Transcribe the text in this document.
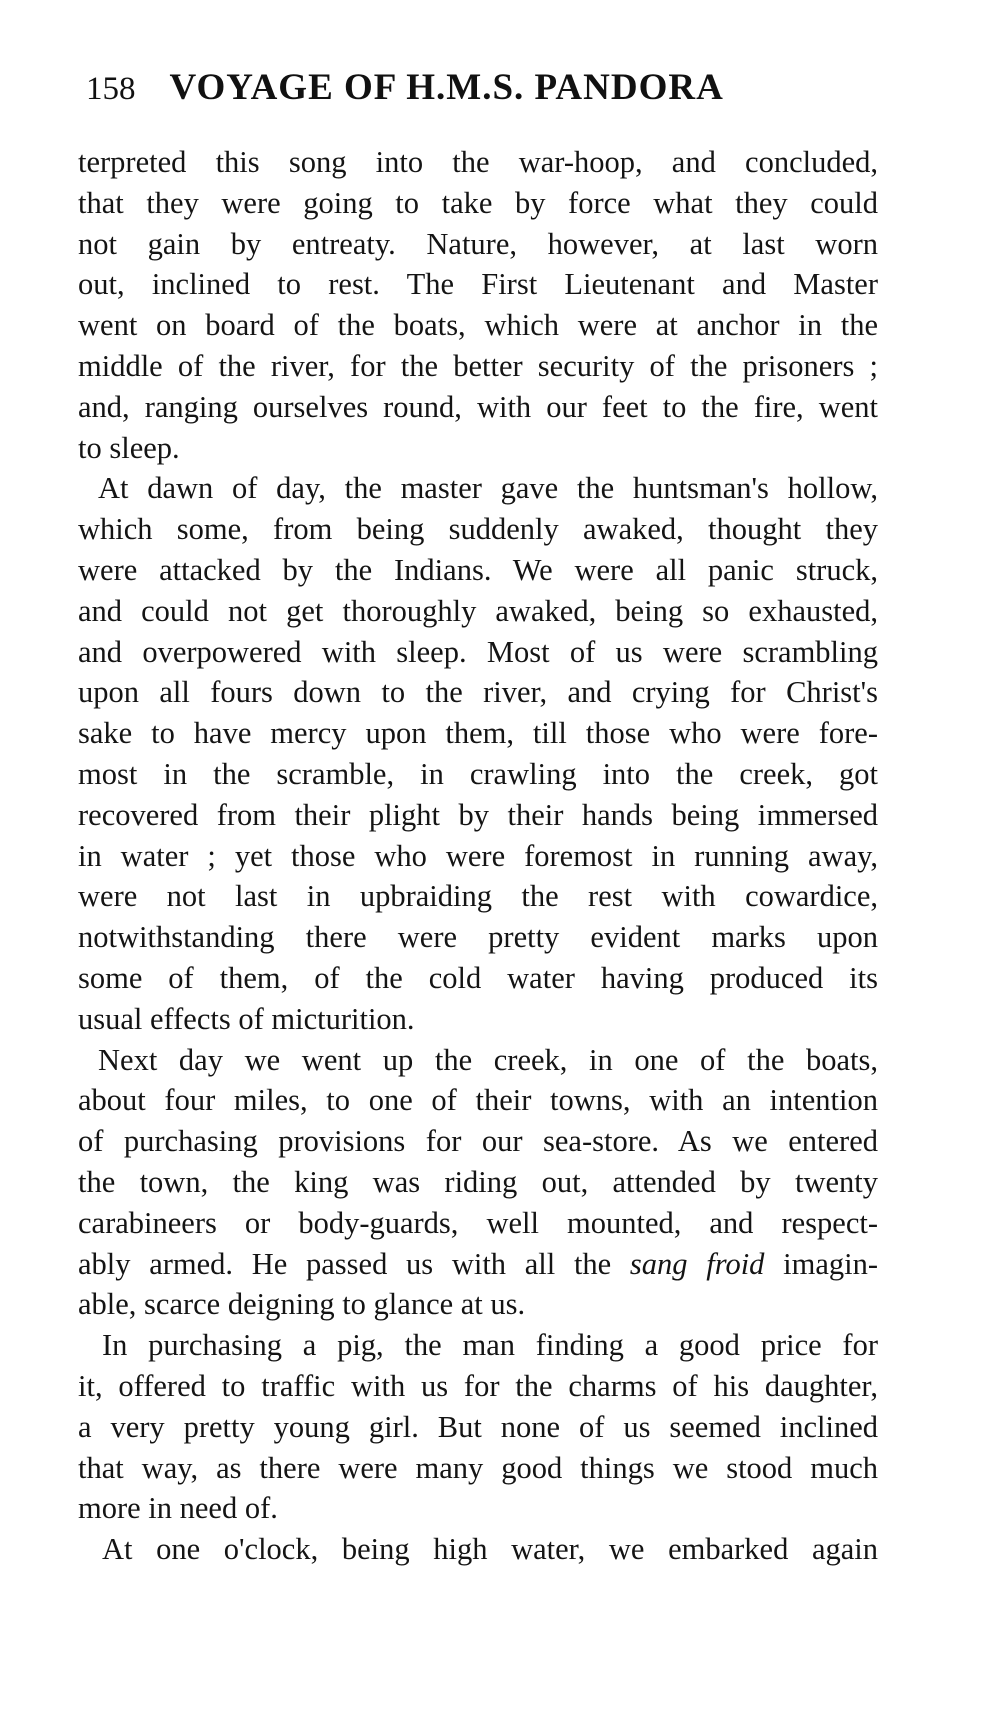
158 VOYAGE OF H.M.S. PANDORA
terpreted this song into the war-hoop, and concluded,
that they were going to take by force what they could
not gain by entreaty. Nature, however, at last worn
out, inclined to rest. The First Lieutenant and Master
went on board of the boats, which were at anchor in the
middle of the river, for the better security of the prisoners ;
and, ranging ourselves round, with our feet to the fire, went
to sleep.
At dawn of day, the master gave the huntsman's hollow,
which some, from being suddenly awaked, thought they
were attacked by the Indians. We were all panic struck,
and could not get thoroughly awaked, being so exhausted,
and overpowered with sleep. Most of us were scrambling
upon all fours down to the river, and crying for Christ's
sake to have mercy upon them, till those who were fore-
most in the scramble, in crawling into the creek, got
recovered from their plight by their hands being immersed
in water ; yet those who were foremost in running away,
were not last in upbraiding the rest with cowardice,
notwithstanding there were pretty evident marks upon
some of them, of the cold water having produced its
usual effects of micturition.
Next day we went up the creek, in one of the boats,
about four miles, to one of their towns, with an intention
of purchasing provisions for our sea-store. As we entered
the town, the king was riding out, attended by twenty
carabineers or body-guards, well mounted, and respect-
ably armed. He passed us with all the sang froid imagin-
able, scarce deigning to glance at us.
In purchasing a pig, the man finding a good price for
it, offered to traffic with us for the charms of his daughter,
a very pretty young girl. But none of us seemed inclined
that way, as there were many good things we stood much
more in need of.
At one o'clock, being high water, we embarked again
